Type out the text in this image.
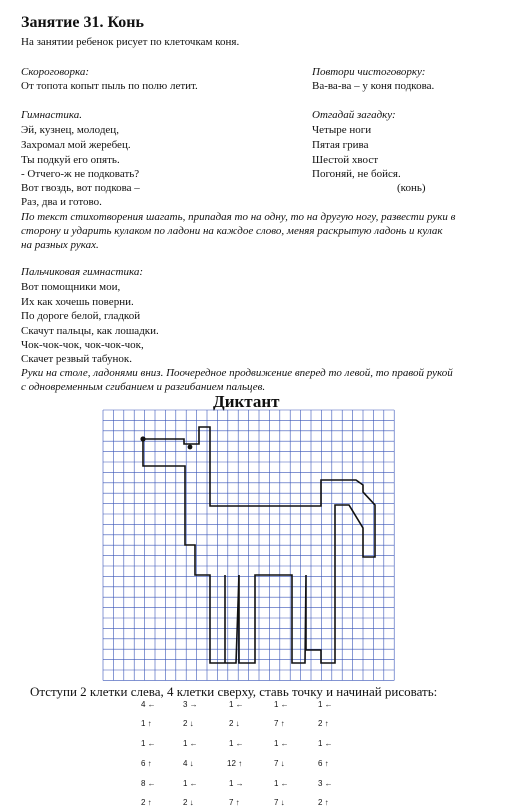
Занятие 31. Конь
На занятии ребенок рисует по клеточкам коня.
Скороговорка:
От топота копыт пыль по полю летит.
Повтори чистоговорку:
Ва-ва-ва – у коня подкова.
Гимнастика.
Эй, кузнец, молодец,
Захромал мой жеребец.
Ты подкуй его опять.
- Отчего-ж не подковать?
Вот гвоздь, вот подкова –
Раз, два и готово.
По текст стихотворения шагать, припадая то на одну, то на другую ногу, развести руки в
сторону и ударить кулаком по ладони на каждое слово, меняя раскрытую ладонь и кулак
на разных руках.
Отгадай загадку:
Четыре ноги
Пятая грива
Шестой хвост
Погоняй, не бойся.
(конь)
Пальчиковая гимнастика:
Вот помощники мои,
Их как хочешь поверни.
По дороге белой, гладкой
Скачут пальцы, как лошадки.
Чок-чок-чок, чок-чок-чок,
Скачет резвый табунок.
Руки на столе, ладонями вниз. Поочередное продвижение вперед то левой, то правой рукой
с одновременным сгибанием и разгибанием пальцев.
Диктант
Отступи 2 клетки слева, 4 клетки сверху, ставь точку и начинай рисовать:
4 ←	3 →	1 ←	1 ←	1 ←
1 ↑	2 ↓	2 ↓	7 ↑	2 ↑
1 ←	1 ←	1 ←	1 ←	1 ←
6 ↑	4 ↓	12 ↑	7 ↓	6 ↑
8 ←	1 ←	1 →	1 ←	3 ←
2 ↑	2 ↓	7 ↑	7 ↓	2 ↑
